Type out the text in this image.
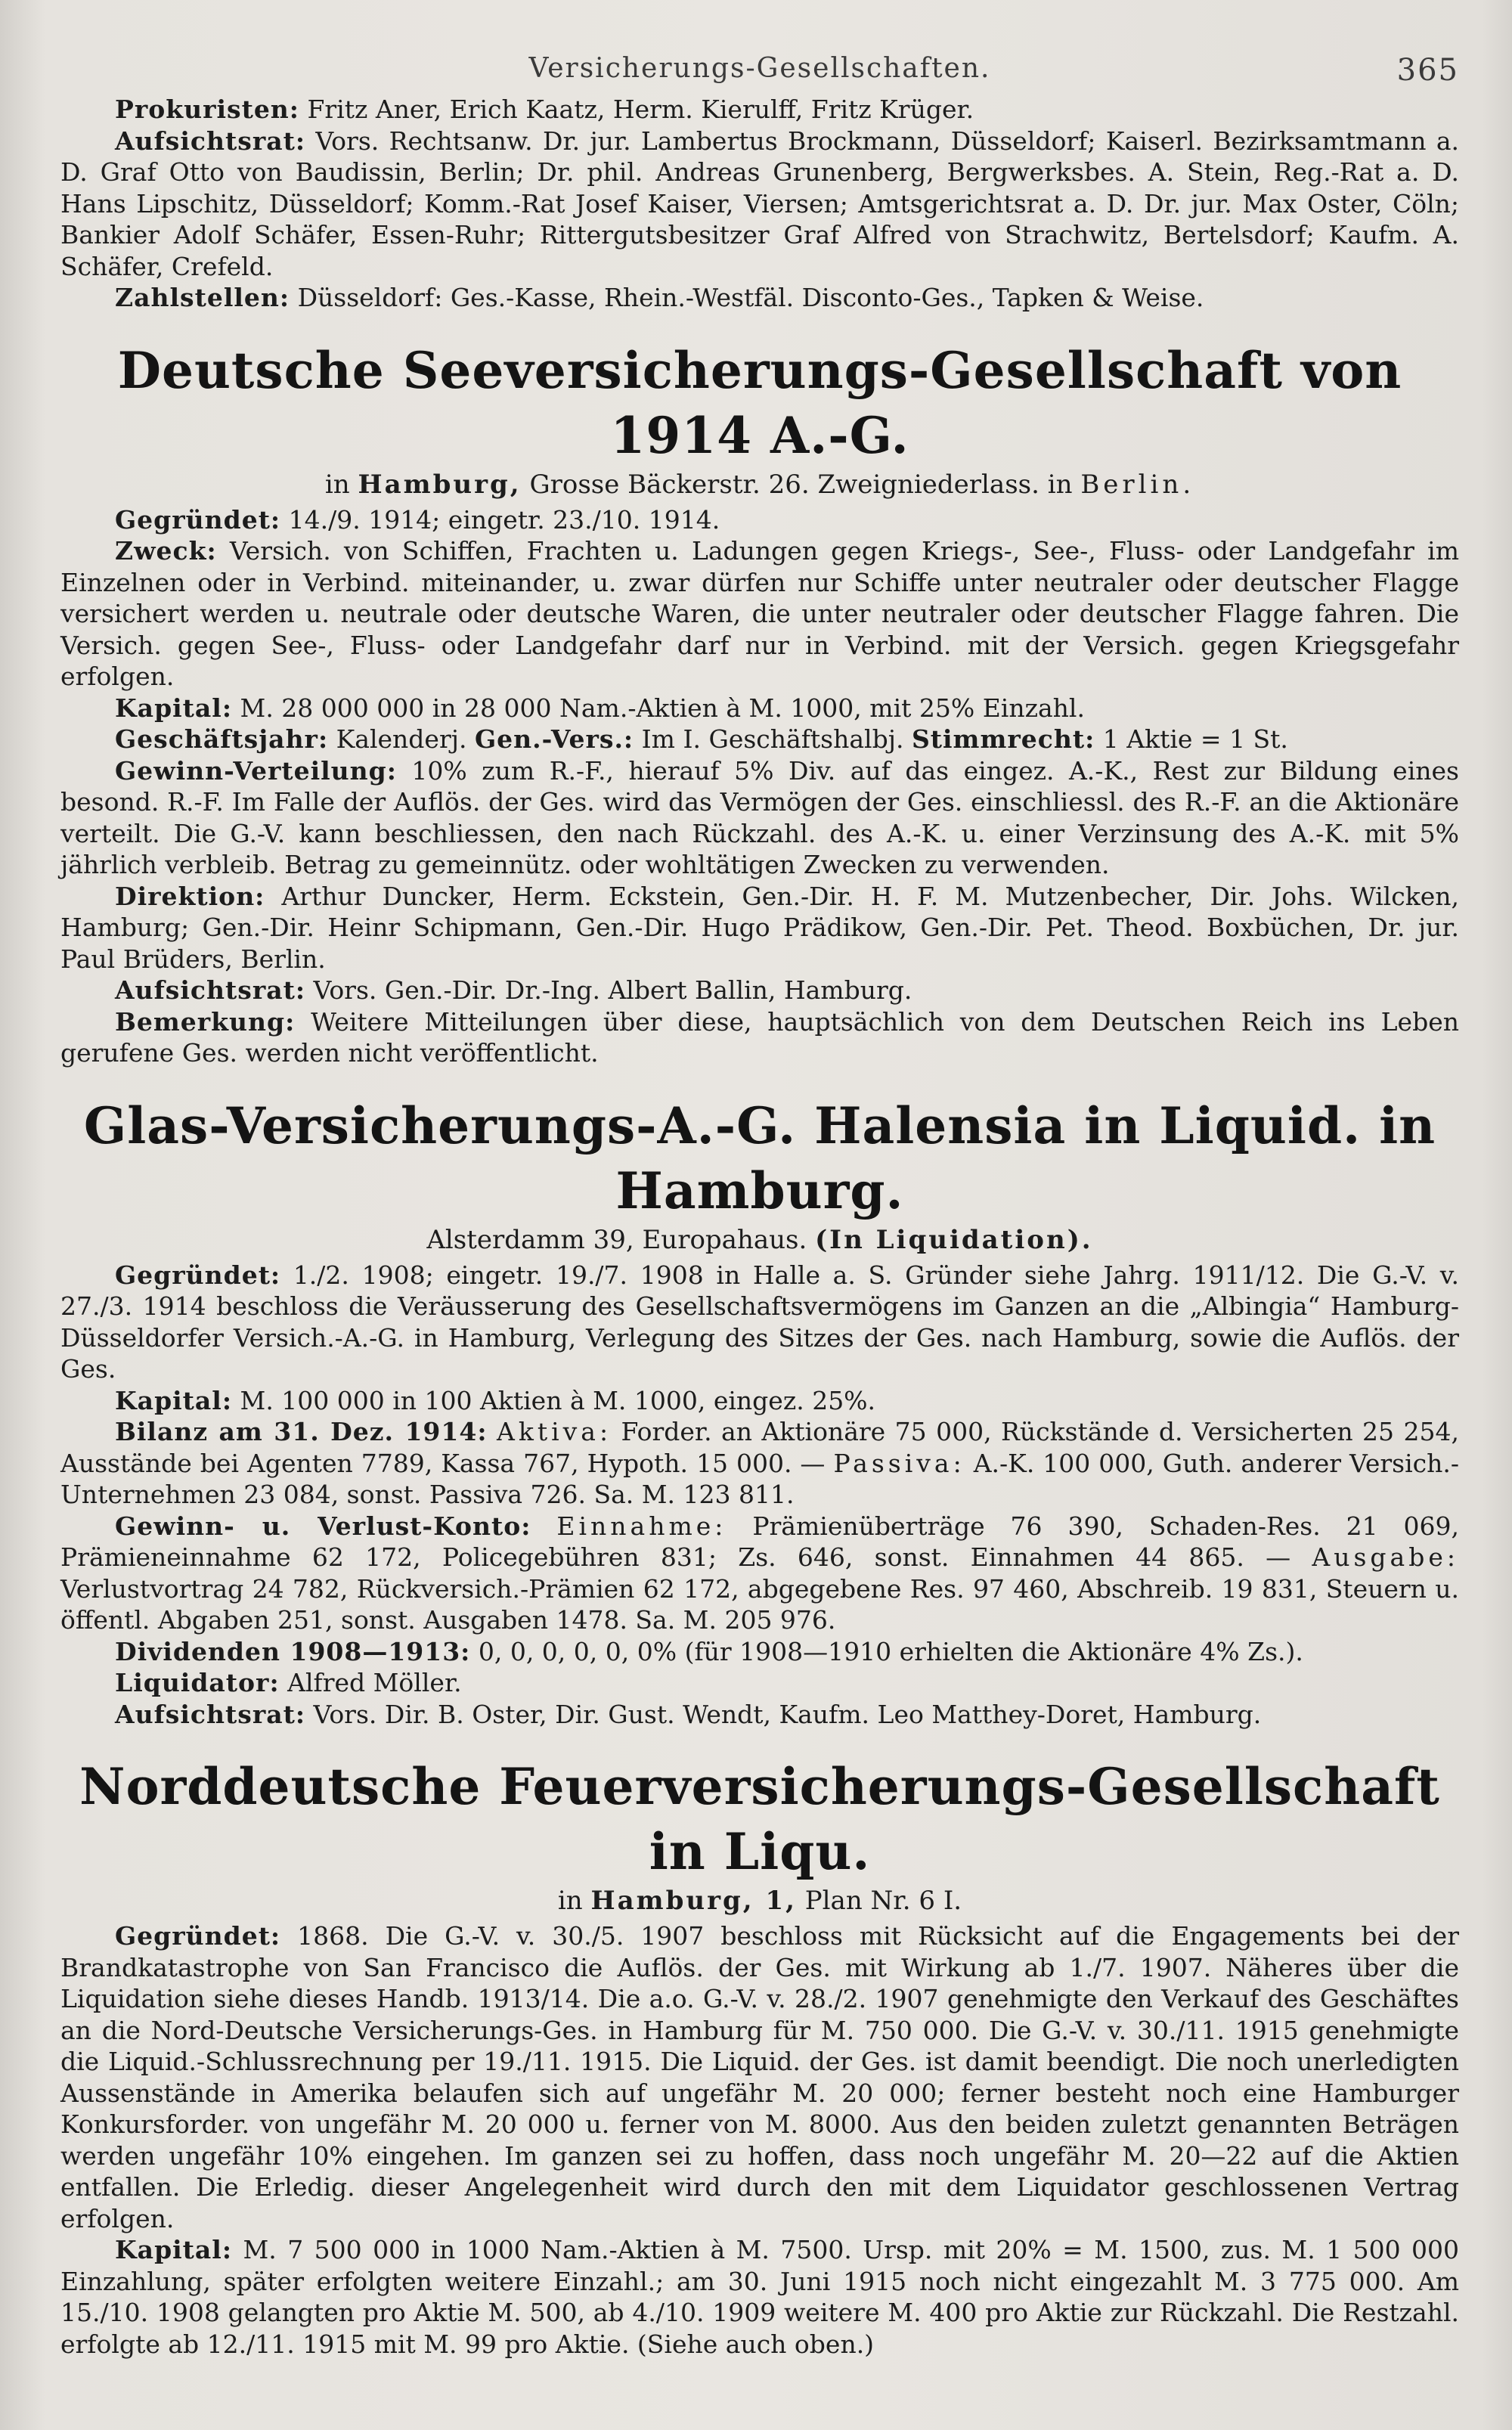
Versicherungs-Gesellschaften.	365

Prokuristen: Fritz Aner, Erich Kaatz, Herm. Kierulff, Fritz Krüger.

Aufsichtsrat: Vors. Rechtsanw. Dr. jur. Lambertus Brockmann, Düsseldorf; Kaiserl. Bezirksamtmann a. D. Graf Otto von Baudissin, Berlin; Dr. phil. Andreas Grunenberg, Bergwerksbes. A. Stein, Reg.-Rat a. D. Hans Lipschitz, Düsseldorf; Komm.-Rat Josef Kaiser, Viersen; Amtsgerichtsrat a. D. Dr. jur. Max Oster, Cöln; Bankier Adolf Schäfer, Essen-Ruhr; Rittergutsbesitzer Graf Alfred von Strachwitz, Bertelsdorf; Kaufm. A. Schäfer, Crefeld.

Zahlstellen: Düsseldorf: Ges.-Kasse, Rhein.-Westfäl. Disconto-Ges., Tapken & Weise.

Deutsche Seeversicherungs-Gesellschaft von 1914 A.-G.

in Hamburg, Grosse Bäckerstr. 26. Zweigniederlass. in Berlin.

Gegründet: 14./9. 1914; eingetr. 23./10. 1914.

Zweck: Versich. von Schiffen, Frachten u. Ladungen gegen Kriegs-, See-, Fluss- oder Landgefahr im Einzelnen oder in Verbind. miteinander, u. zwar dürfen nur Schiffe unter neutraler oder deutscher Flagge versichert werden u. neutrale oder deutsche Waren, die unter neutraler oder deutscher Flagge fahren. Die Versich. gegen See-, Fluss- oder Landgefahr darf nur in Verbind. mit der Versich. gegen Kriegsgefahr erfolgen.

Kapital: M. 28 000 000 in 28 000 Nam.-Aktien à M. 1000, mit 25% Einzahl.

Geschäftsjahr: Kalenderj. Gen.-Vers.: Im I. Geschäftshalbj. Stimmrecht: 1 Aktie = 1 St.

Gewinn-Verteilung: 10% zum R.-F., hierauf 5% Div. auf das eingez. A.-K., Rest zur Bildung eines besond. R.-F. Im Falle der Auflös. der Ges. wird das Vermögen der Ges. einschliessl. des R.-F. an die Aktionäre verteilt. Die G.-V. kann beschliessen, den nach Rückzahl. des A.-K. u. einer Verzinsung des A.-K. mit 5% jährlich verbleib. Betrag zu gemeinnütz. oder wohltätigen Zwecken zu verwenden.

Direktion: Arthur Duncker, Herm. Eckstein, Gen.-Dir. H. F. M. Mutzenbecher, Dir. Johs. Wilcken, Hamburg; Gen.-Dir. Heinr Schipmann, Gen.-Dir. Hugo Prädikow, Gen.-Dir. Pet. Theod. Boxbüchen, Dr. jur. Paul Brüders, Berlin.

Aufsichtsrat: Vors. Gen.-Dir. Dr.-Ing. Albert Ballin, Hamburg.

Bemerkung: Weitere Mitteilungen über diese, hauptsächlich von dem Deutschen Reich ins Leben gerufene Ges. werden nicht veröffentlicht.

Glas-Versicherungs-A.-G. Halensia in Liquid. in Hamburg.

Alsterdamm 39, Europahaus. (In Liquidation).

Gegründet: 1./2. 1908; eingetr. 19./7. 1908 in Halle a. S. Gründer siehe Jahrg. 1911/12. Die G.-V. v. 27./3. 1914 beschloss die Veräusserung des Gesellschaftsvermögens im Ganzen an die „Albingia“ Hamburg-Düsseldorfer Versich.-A.-G. in Hamburg, Verlegung des Sitzes der Ges. nach Hamburg, sowie die Auflös. der Ges.

Kapital: M. 100 000 in 100 Aktien à M. 1000, eingez. 25%.

Bilanz am 31. Dez. 1914: Aktiva: Forder. an Aktionäre 75 000, Rückstände d. Versicherten 25 254, Ausstände bei Agenten 7789, Kassa 767, Hypoth. 15 000. — Passiva: A.-K. 100 000, Guth. anderer Versich.-Unternehmen 23 084, sonst. Passiva 726. Sa. M. 123 811.

Gewinn- u. Verlust-Konto: Einnahme: Prämienüberträge 76 390, Schaden-Res. 21 069, Prämieneinnahme 62 172, Policegebühren 831; Zs. 646, sonst. Einnahmen 44 865. — Ausgabe: Verlustvortrag 24 782, Rückversich.-Prämien 62 172, abgegebene Res. 97 460, Abschreib. 19 831, Steuern u. öffentl. Abgaben 251, sonst. Ausgaben 1478. Sa. M. 205 976.

Dividenden 1908—1913: 0, 0, 0, 0, 0, 0% (für 1908—1910 erhielten die Aktionäre 4% Zs.).

Liquidator: Alfred Möller.

Aufsichtsrat: Vors. Dir. B. Oster, Dir. Gust. Wendt, Kaufm. Leo Matthey-Doret, Hamburg.

Norddeutsche Feuerversicherungs-Gesellschaft in Liqu.

in Hamburg, 1, Plan Nr. 6 I.

Gegründet: 1868. Die G.-V. v. 30./5. 1907 beschloss mit Rücksicht auf die Engagements bei der Brandkatastrophe von San Francisco die Auflös. der Ges. mit Wirkung ab 1./7. 1907. Näheres über die Liquidation siehe dieses Handb. 1913/14. Die a.o. G.-V. v. 28./2. 1907 genehmigte den Verkauf des Geschäftes an die Nord-Deutsche Versicherungs-Ges. in Hamburg für M. 750 000. Die G.-V. v. 30./11. 1915 genehmigte die Liquid.-Schlussrechnung per 19./11. 1915. Die Liquid. der Ges. ist damit beendigt. Die noch unerledigten Aussenstände in Amerika belaufen sich auf ungefähr M. 20 000; ferner besteht noch eine Hamburger Konkursforder. von ungefähr M. 20 000 u. ferner von M. 8000. Aus den beiden zuletzt genannten Beträgen werden ungefähr 10% eingehen. Im ganzen sei zu hoffen, dass noch ungefähr M. 20—22 auf die Aktien entfallen. Die Erledig. dieser Angelegenheit wird durch den mit dem Liquidator geschlossenen Vertrag erfolgen.

Kapital: M. 7 500 000 in 1000 Nam.-Aktien à M. 7500. Ursp. mit 20% = M. 1500, zus. M. 1 500 000 Einzahlung, später erfolgten weitere Einzahl.; am 30. Juni 1915 noch nicht eingezahlt M. 3 775 000. Am 15./10. 1908 gelangten pro Aktie M. 500, ab 4./10. 1909 weitere M. 400 pro Aktie zur Rückzahl. Die Restzahl. erfolgte ab 12./11. 1915 mit M. 99 pro Aktie. (Siehe auch oben.)
